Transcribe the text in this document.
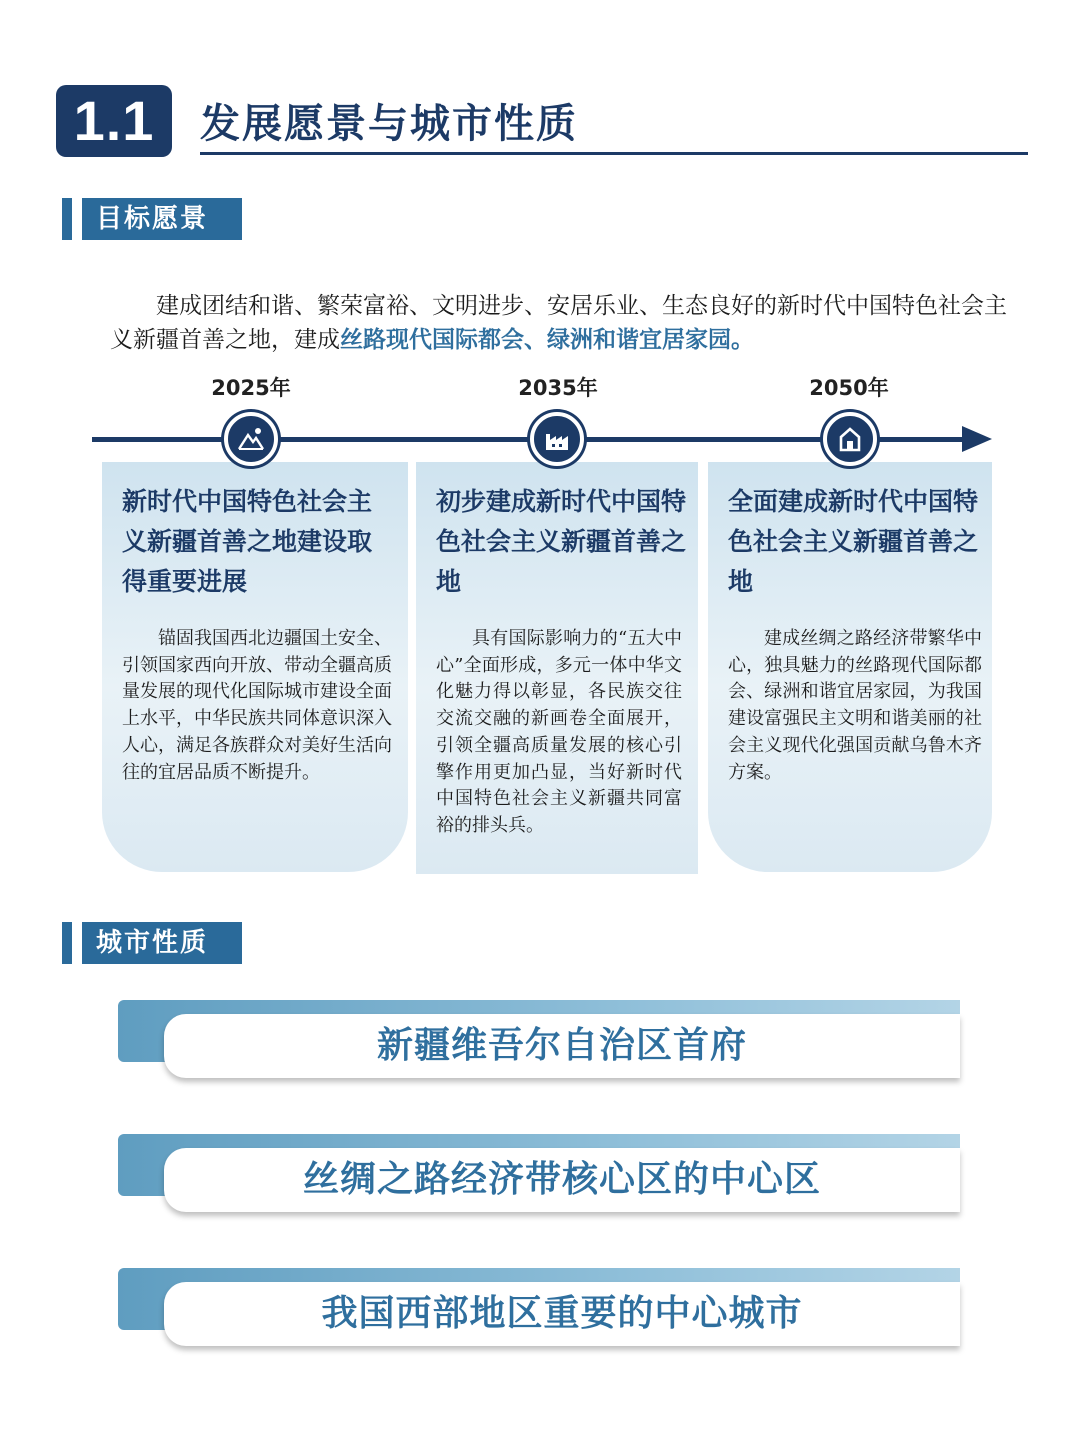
1.1	发展愿景与城市性质
目标愿景

建成团结和谐、繁荣富裕、文明进步、安居乐业、生态良好的新时代中国特色社会主义新疆首善之地，建成丝路现代国际都会、绿洲和谐宜居家园。

2025年	2035年	2050年
新时代中国特色社会主义新疆首善之地建设取得重要进展
锚固我国西北边疆国土安全、引领国家西向开放、带动全疆高质量发展的现代化国际城市建设全面上水平，中华民族共同体意识深入人心，满足各族群众对美好生活向往的宜居品质不断提升。
初步建成新时代中国特色社会主义新疆首善之地
具有国际影响力的“五大中心”全面形成，多元一体中华文化魅力得以彰显，各民族交往交流交融的新画卷全面展开，引领全疆高质量发展的核心引擎作用更加凸显，当好新时代中国特色社会主义新疆共同富裕的排头兵。
全面建成新时代中国特色社会主义新疆首善之地
建成丝绸之路经济带繁华中心，独具魅力的丝路现代国际都会、绿洲和谐宜居家园，为我国建设富强民主文明和谐美丽的社会主义现代化强国贡献乌鲁木齐方案。
城市性质
新疆维吾尔自治区首府
丝绸之路经济带核心区的中心区
我国西部地区重要的中心城市
